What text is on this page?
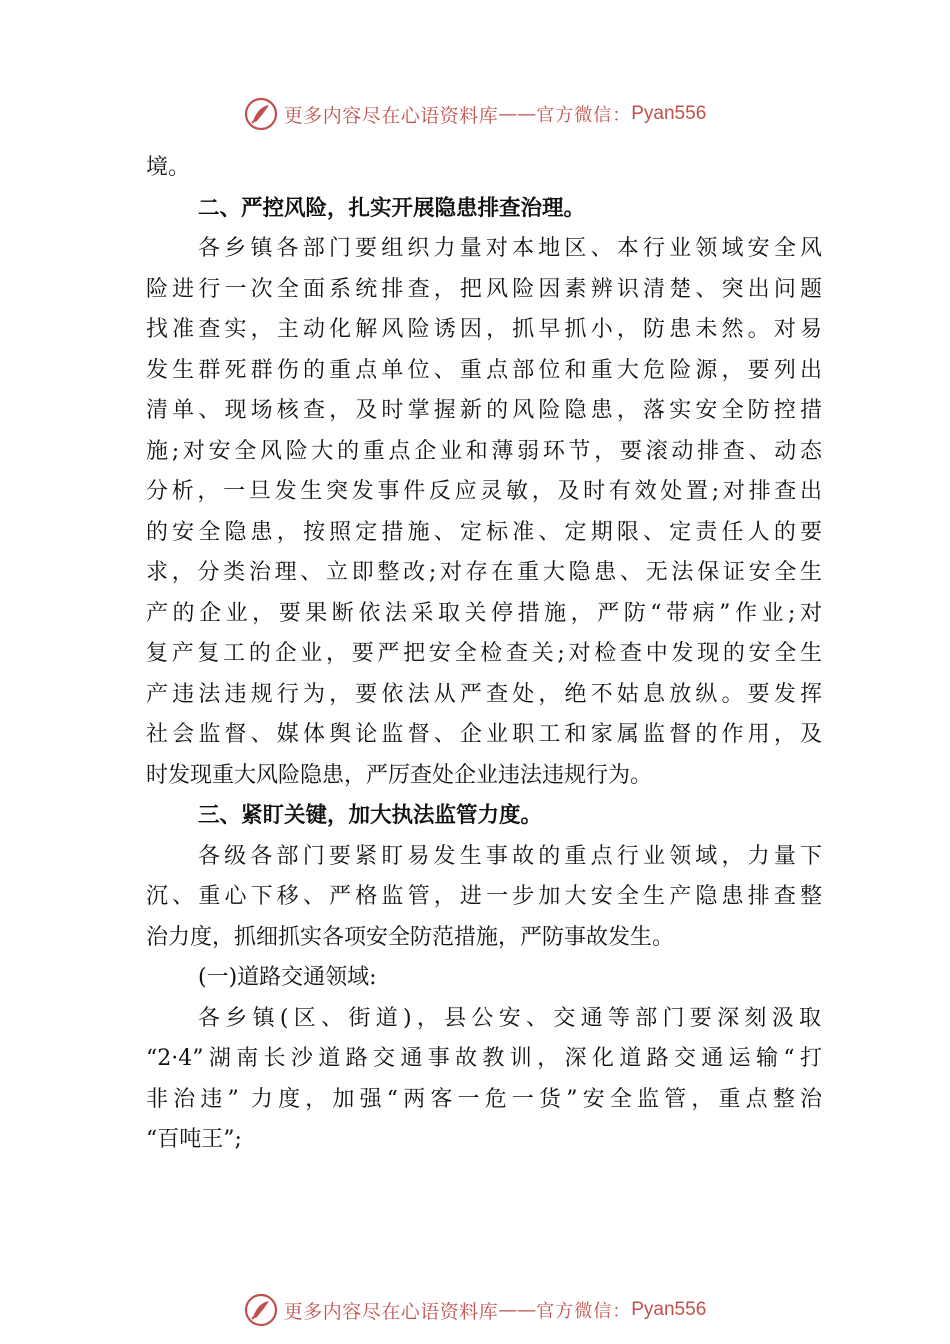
更多内容尽在心语资料库 —— 官方微信： Pyan556
境。
二、严控风险，扎实开展隐患排查治理。
各乡镇各部门要组织力量对本地区、本行业领域安全风
险进行一次全面系统排查，把风险因素辨识清楚、突出问题
找准查实，主动化解风险诱因，抓早抓小，防患未然。对易
发生群死群伤的重点单位、重点部位和重大危险源，要列出
清单、现场核查，及时掌握新的风险隐患，落实安全防控措
施;对安全风险大的重点企业和薄弱环节，要滚动排查、动态
分析，一旦发生突发事件反应灵敏，及时有效处置;对排查出
的安全隐患，按照定措施、定标准、定期限、定责任人的要
求，分类治理、立即整改;对存在重大隐患、无法保证安全生
产的企业，要果断依法采取关停措施，严防“带病”作业;对
复产复工的企业，要严把安全检查关;对检查中发现的安全生
产违法违规行为，要依法从严查处，绝不姑息放纵。要发挥
社会监督、媒体舆论监督、企业职工和家属监督的作用，及
时发现重大风险隐患，严厉查处企业违法违规行为。
三、紧盯关键，加大执法监管力度。
各级各部门要紧盯易发生事故的重点行业领域，力量下
沉、重心下移、严格监管，进一步加大安全生产隐患排查整
治力度，抓细抓实各项安全防范措施，严防事故发生。
(一)道路交通领域:
各乡镇(区、街道)，县公安、交通等部门要深刻汲取
“2·4”湖南长沙道路交通事故教训，深化道路交通运输“打
非治违” 力度，加强“两客一危一货”安全监管，重点整治
“百吨王”;
更多内容尽在心语资料库 —— 官方微信： Pyan556
